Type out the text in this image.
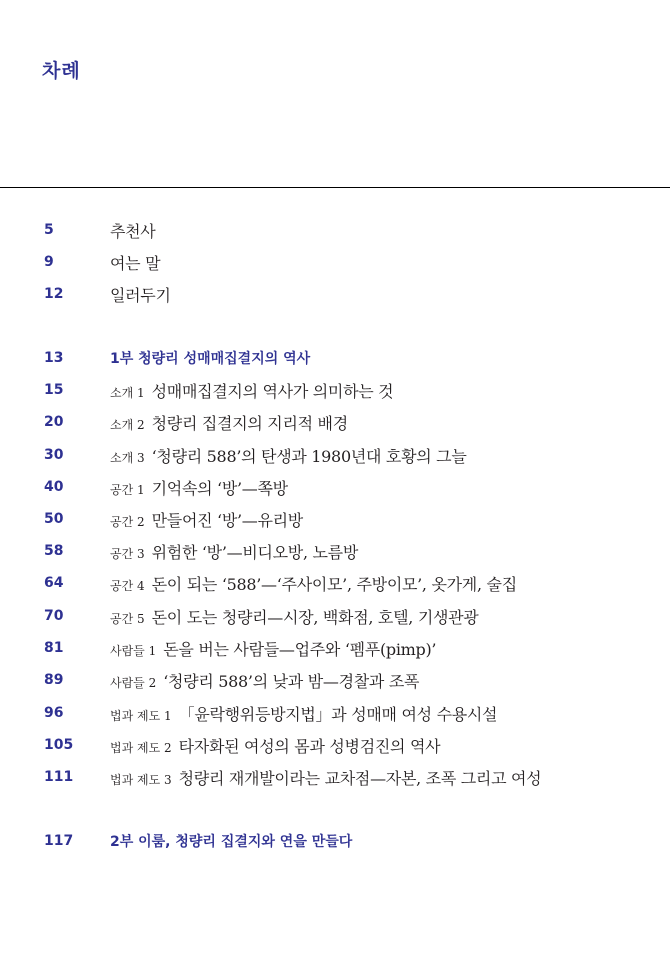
차례
5	추천사
9	여는 말
12	일러두기
13	1부 청량리 성매매집결지의 역사
15	소개 1 성매매집결지의 역사가 의미하는 것
20	소개 2 청량리 집결지의 지리적 배경
30	소개 3 ‘청량리 588’의 탄생과 1980년대 호황의 그늘
40	공간 1 기억속의 ‘방’—쪽방
50	공간 2 만들어진 ‘방’—유리방
58	공간 3 위험한 ‘방’—비디오방, 노름방
64	공간 4 돈이 되는 ‘588’—‘주사이모’, 주방이모’, 옷가게, 술집
70	공간 5 돈이 도는 청량리—시장, 백화점, 호텔, 기생관광
81	사람들 1 돈을 버는 사람들—업주와 ‘펨푸(pimp)’
89	사람들 2 ‘청량리 588’의 낮과 밤—경찰과 조폭
96	법과 제도 1 「윤락행위등방지법」과 성매매 여성 수용시설
105	법과 제도 2 타자화된 여성의 몸과 성병검진의 역사
111	법과 제도 3 청량리 재개발이라는 교차점—자본, 조폭 그리고 여성
117	2부 이룸, 청량리 집결지와 연을 만들다
